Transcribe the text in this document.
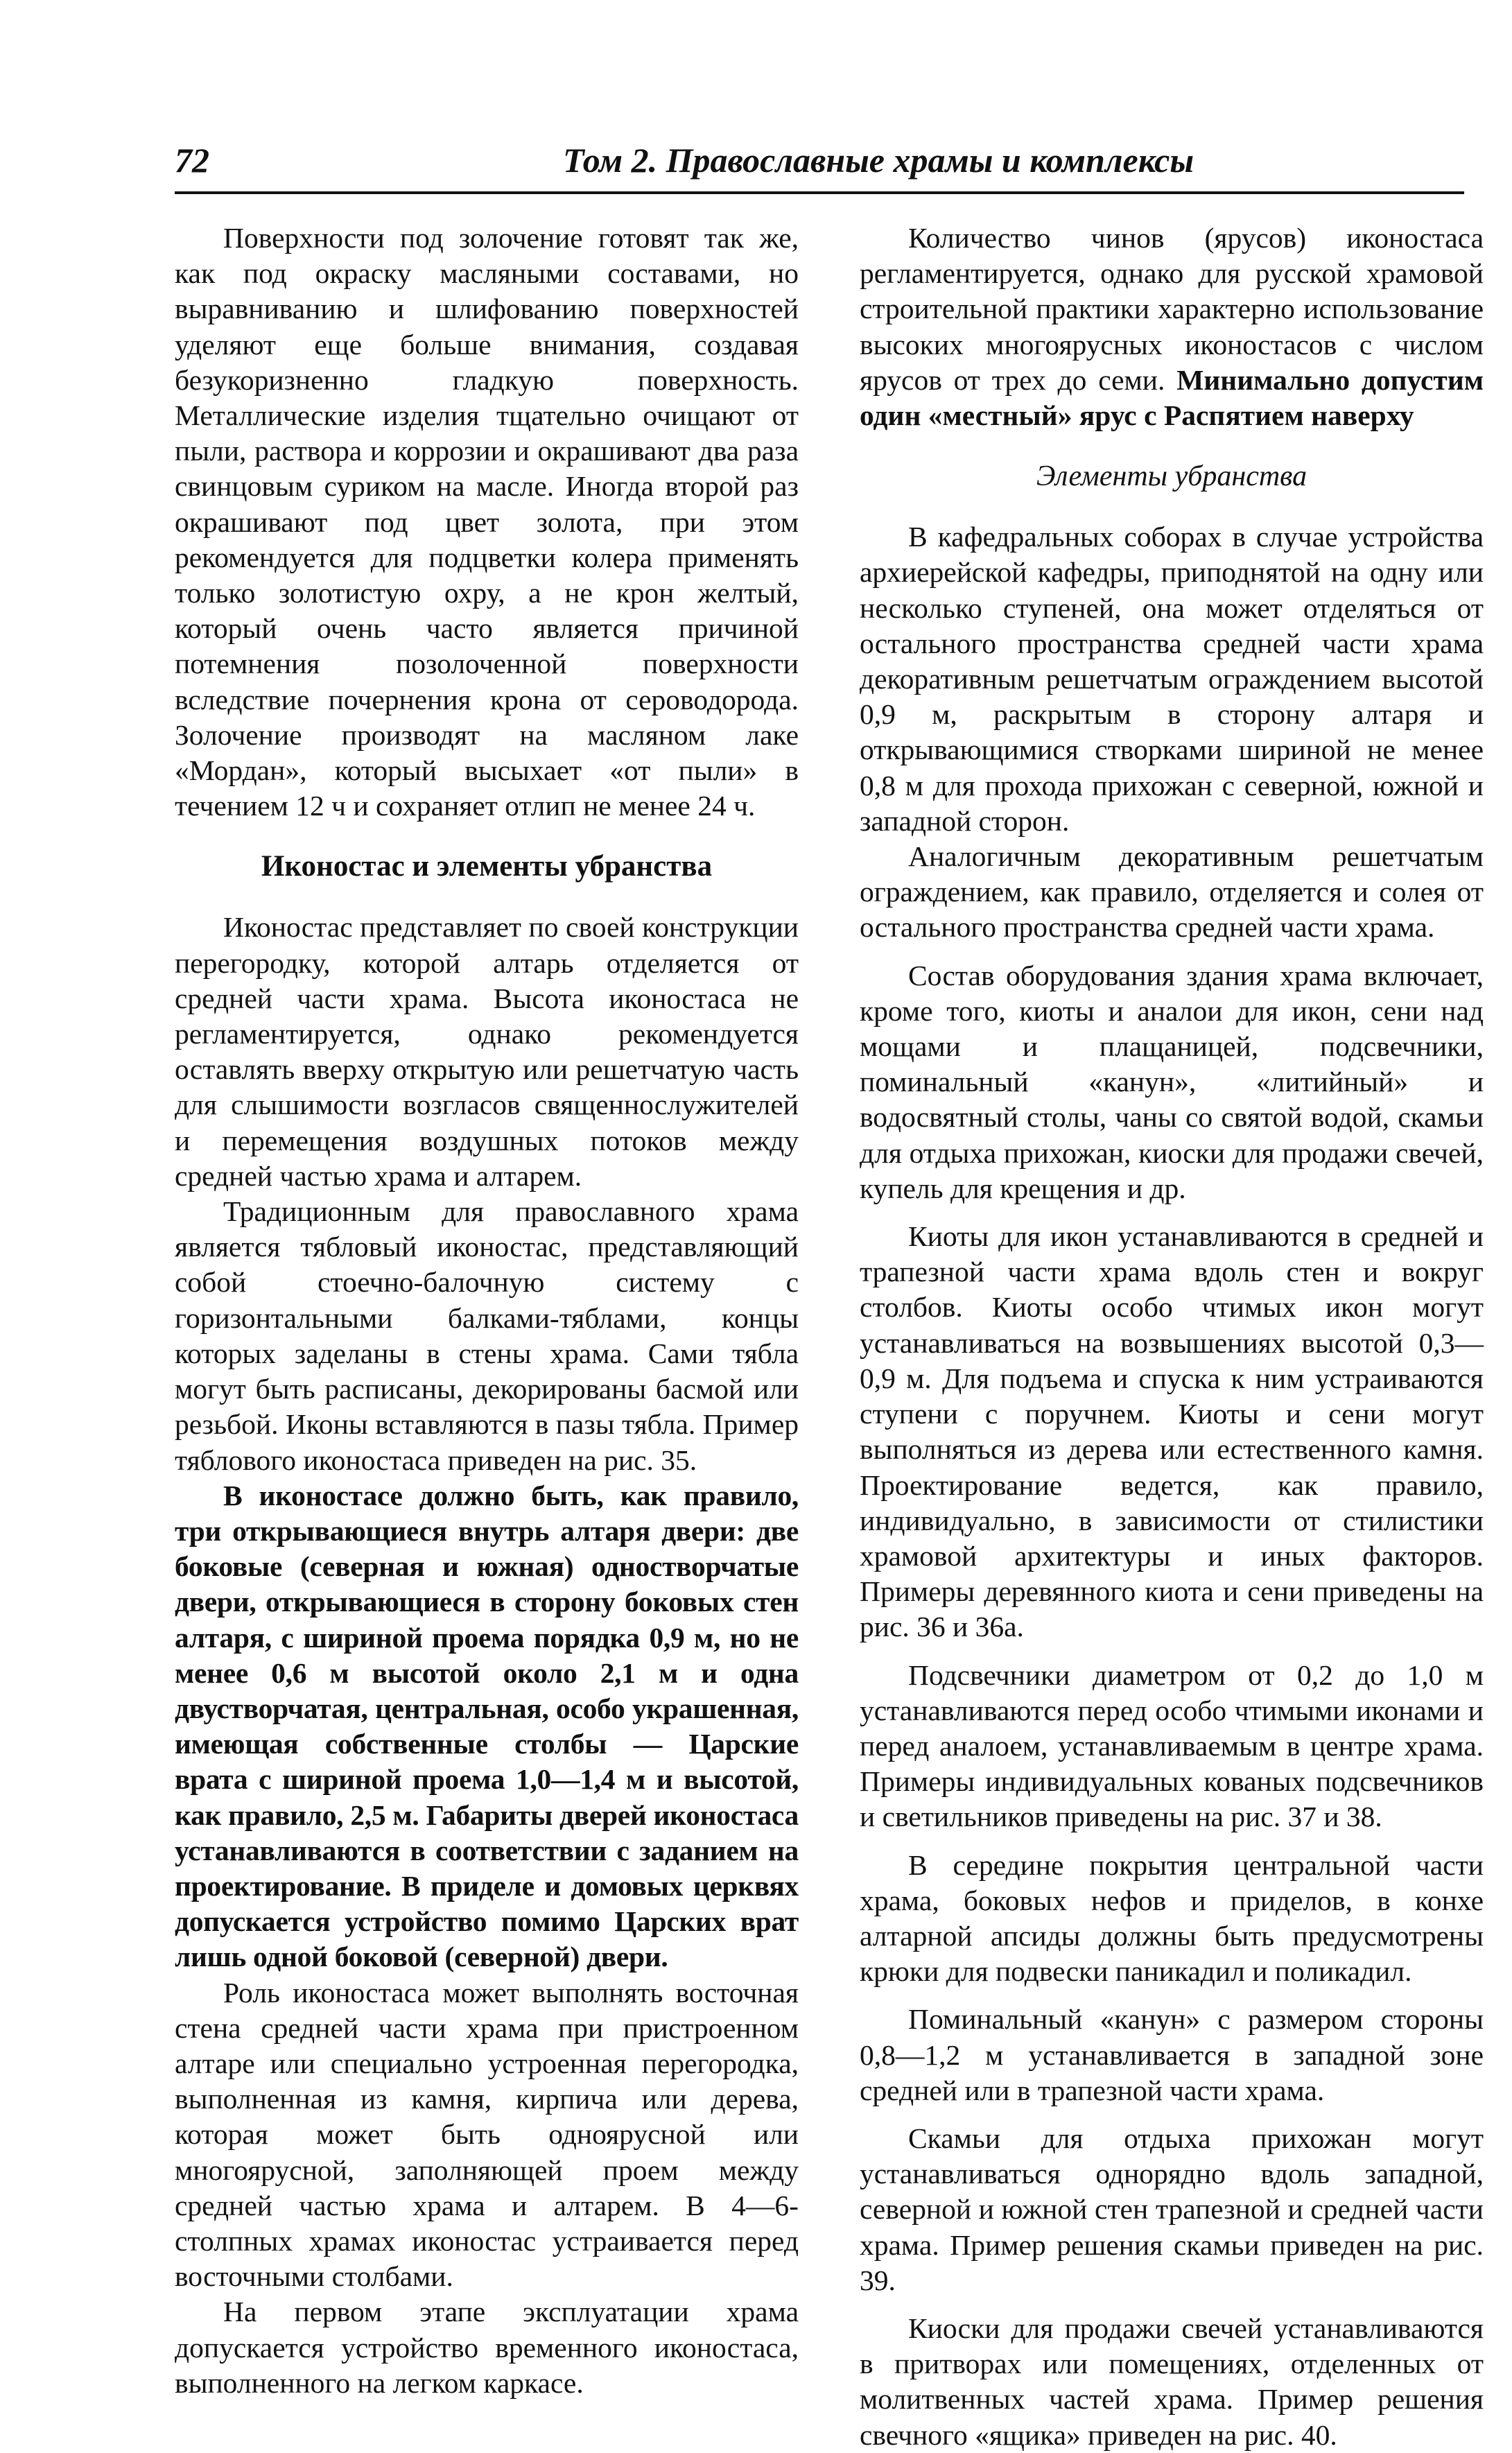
72	Том 2. Православные храмы и комплексы

Поверхности под золочение готовят так же, как под окраску масляными составами, но выравниванию и шлифованию поверхностей уделяют еще больше внимания, создавая безукоризненно гладкую поверхность. Металлические изделия тщательно очищают от пыли, раствора и коррозии и окрашивают два раза свинцовым суриком на масле. Иногда второй раз окрашивают под цвет золота, при этом рекомендуется для подцветки колера применять только золотистую охру, а не крон желтый, который очень часто является причиной потемнения позолоченной поверхности вследствие почернения крона от сероводорода. Золочение производят на масляном лаке «Мордан», который высыхает «от пыли» в течением 12 ч и сохраняет отлип не менее 24 ч.

Иконостас и элементы убранства

Иконостас представляет по своей конструкции перегородку, которой алтарь отделяется от средней части храма. Высота иконостаса не регламентируется, однако рекомендуется оставлять вверху открытую или решетчатую часть для слышимости возгласов священнослужителей и перемещения воздушных потоков между средней частью храма и алтарем.

Традиционным для православного храма является тябловый иконостас, представляющий собой стоечно-балочную систему с горизонтальными балками-тяблами, концы которых заделаны в стены храма. Сами тябла могут быть расписаны, декорированы басмой или резьбой. Иконы вставляются в пазы тябла. Пример тяблового иконостаса приведен на рис. 35.

В иконостасе должно быть, как правило, три открывающиеся внутрь алтаря двери: две боковые (северная и южная) одностворчатые двери, открывающиеся в сторону боковых стен алтаря, с шириной проема порядка 0,9 м, но не менее 0,6 м высотой около 2,1 м и одна двустворчатая, центральная, особо украшенная, имеющая собственные столбы — Царские врата с шириной проема 1,0—1,4 м и высотой, как правило, 2,5 м. Габариты дверей иконостаса устанавливаются в соответствии с заданием на проектирование. В приделе и домовых церквях допускается устройство помимо Царских врат лишь одной боковой (северной) двери.

Роль иконостаса может выполнять восточная стена средней части храма при пристроенном алтаре или специально устроенная перегородка, выполненная из камня, кирпича или дерева, которая может быть одноярусной или многоярусной, заполняющей проем между средней частью храма и алтарем. В 4—6-столпных храмах иконостас устраивается перед восточными столбами.

На первом этапе эксплуатации храма допускается устройство временного иконостаса, выполненного на легком каркасе.

Количество чинов (ярусов) иконостаса регламентируется, однако для русской храмовой строительной практики характерно использование высоких многоярусных иконостасов с числом ярусов от трех до семи. Минимально допустим один «местный» ярус с Распятием наверху

Элементы убранства

В кафедральных соборах в случае устройства архиерейской кафедры, приподнятой на одну или несколько ступеней, она может отделяться от остального пространства средней части храма декоративным решетчатым ограждением высотой 0,9 м, раскрытым в сторону алтаря и открывающимися створками шириной не менее 0,8 м для прохода прихожан с северной, южной и западной сторон.

Аналогичным декоративным решетчатым ограждением, как правило, отделяется и солея от остального пространства средней части храма.

Состав оборудования здания храма включает, кроме того, киоты и аналои для икон, сени над мощами и плащаницей, подсвечники, поминальный «канун», «литийный» и водосвятный столы, чаны со святой водой, скамьи для отдыха прихожан, киоски для продажи свечей, купель для крещения и др.

Киоты для икон устанавливаются в средней и трапезной части храма вдоль стен и вокруг столбов. Киоты особо чтимых икон могут устанавливаться на возвышениях высотой 0,3—0,9 м. Для подъема и спуска к ним устраиваются ступени с поручнем. Киоты и сени могут выполняться из дерева или естественного камня. Проектирование ведется, как правило, индивидуально, в зависимости от стилистики храмовой архитектуры и иных факторов. Примеры деревянного киота и сени приведены на рис. 36 и 36а.

Подсвечники диаметром от 0,2 до 1,0 м устанавливаются перед особо чтимыми иконами и перед аналоем, устанавливаемым в центре храма. Примеры индивидуальных кованых подсвечников и светильников приведены на рис. 37 и 38.

В середине покрытия центральной части храма, боковых нефов и приделов, в конхе алтарной апсиды должны быть предусмотрены крюки для подвески паникадил и поликадил.

Поминальный «канун» с размером стороны 0,8—1,2 м устанавливается в западной зоне средней или в трапезной части храма.

Скамьи для отдыха прихожан могут устанавливаться однорядно вдоль западной, северной и южной стен трапезной и средней части храма. Пример решения скамьи приведен на рис. 39.

Киоски для продажи свечей устанавливаются в притворах или помещениях, отделенных от молитвенных частей храма. Пример решения свечного «ящика» приведен на рис. 40.
